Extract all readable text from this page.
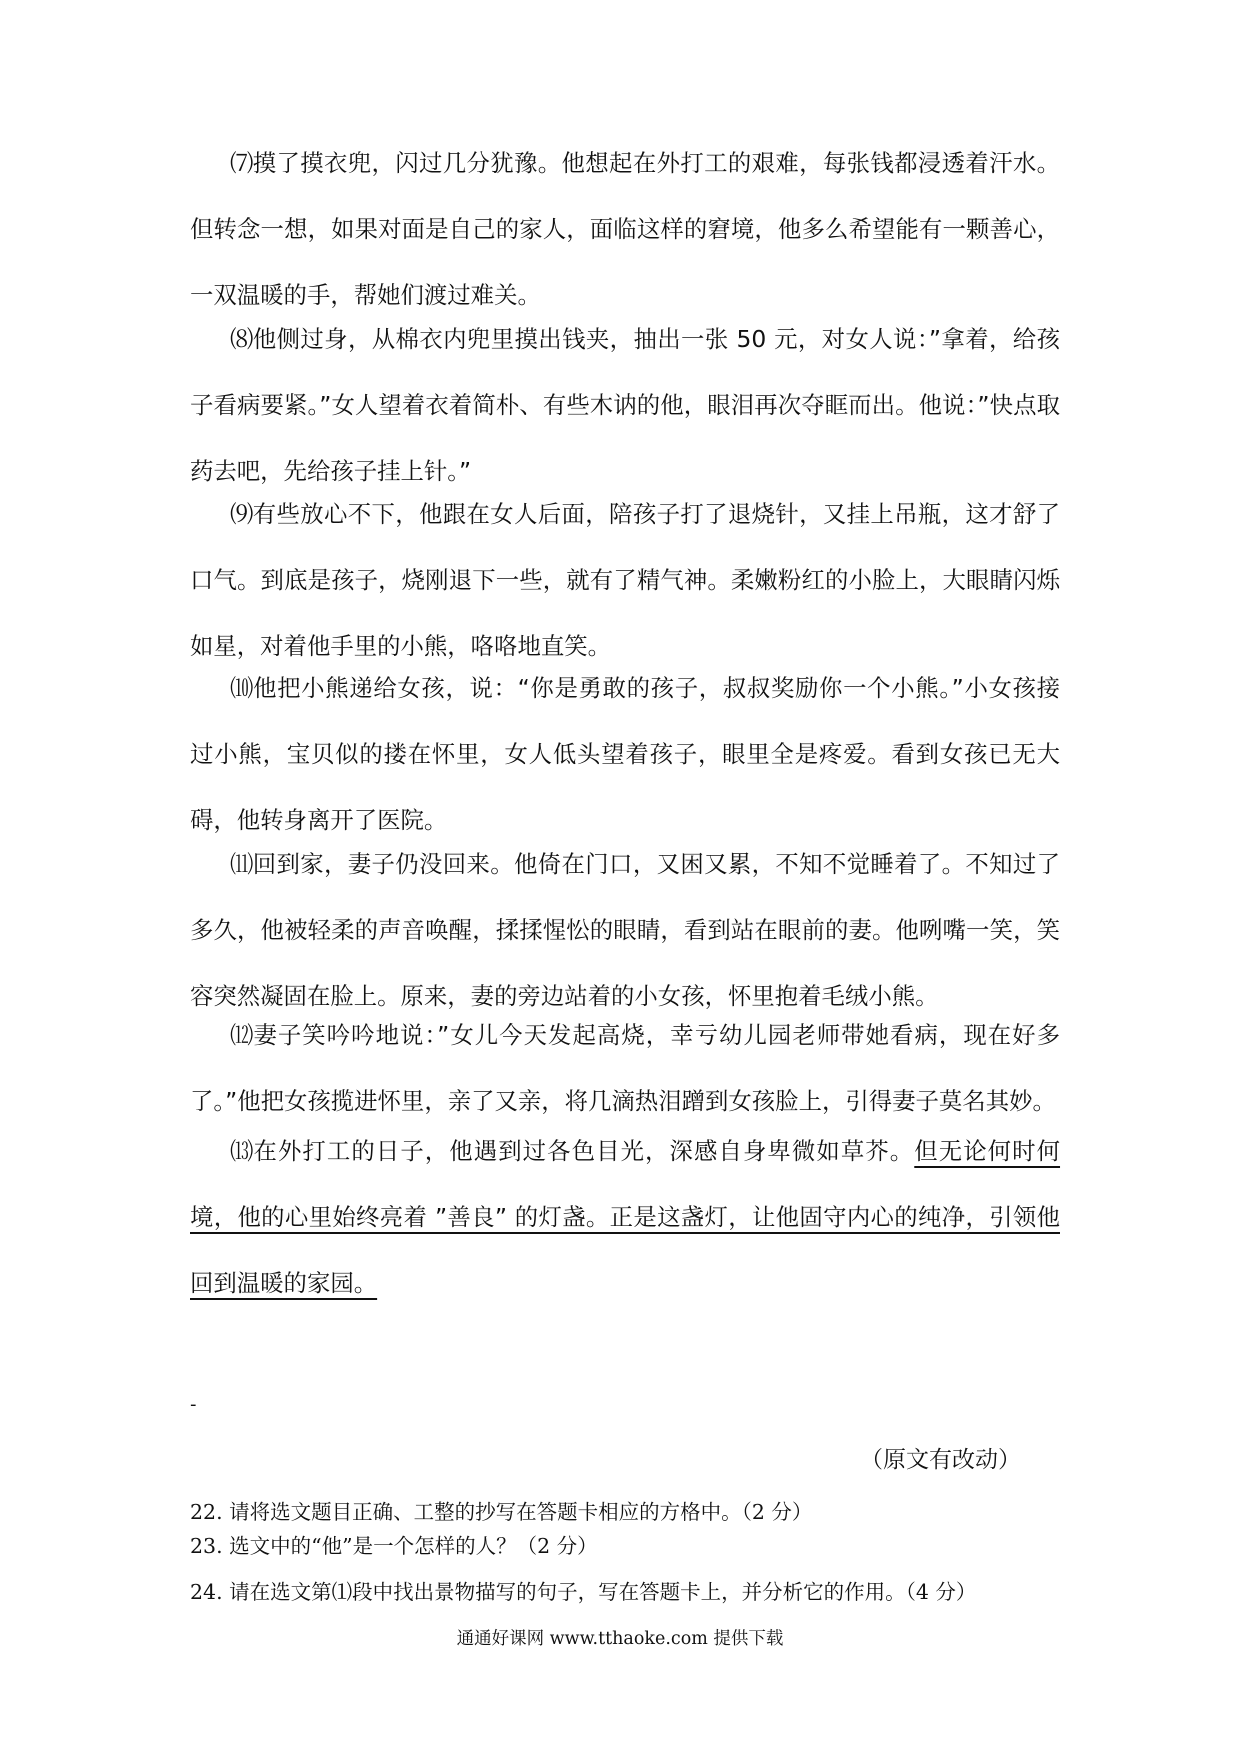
⑺摸了摸衣兜，闪过几分犹豫。他想起在外打工的艰难，每张钱都浸透着汗水。但转念一想，如果对面是自己的家人，面临这样的窘境，他多么希望能有一颗善心，一双温暖的手，帮她们渡过难关。

⑻他侧过身，从棉衣内兜里摸出钱夹，抽出一张 50 元，对女人说：”拿着，给孩子看病要紧。”女人望着衣着简朴、有些木讷的他，眼泪再次夺眶而出。他说：”快点取药去吧，先给孩子挂上针。”

⑼有些放心不下，他跟在女人后面，陪孩子打了退烧针，又挂上吊瓶，这才舒了口气。到底是孩子，烧刚退下一些，就有了精气神。柔嫩粉红的小脸上，大眼睛闪烁如星，对着他手里的小熊，咯咯地直笑。

⑽他把小熊递给女孩，说：“你是勇敢的孩子，叔叔奖励你一个小熊。”小女孩接过小熊，宝贝似的搂在怀里，女人低头望着孩子，眼里全是疼爱。看到女孩已无大碍，他转身离开了医院。

⑾回到家，妻子仍没回来。他倚在门口，又困又累，不知不觉睡着了。不知过了多久，他被轻柔的声音唤醒，揉揉惺忪的眼睛，看到站在眼前的妻。他咧嘴一笑，笑容突然凝固在脸上。原来，妻的旁边站着的小女孩，怀里抱着毛绒小熊。

⑿妻子笑吟吟地说：”女儿今天发起高烧，幸亏幼儿园老师带她看病，现在好多了。”他把女孩揽进怀里，亲了又亲，将几滴热泪蹭到女孩脸上，引得妻子莫名其妙。

⒀在外打工的日子，他遇到过各色目光，深感自身卑微如草芥。但无论何时何境，他的心里始终亮着 ”善良” 的灯盏。正是这盏灯，让他固守内心的纯净，引领他回到温暖的家园。

-
（原文有改动）

22. 请将选文题目正确、工整的抄写在答题卡相应的方格中。（2 分）

23. 选文中的“他”是一个怎样的人？（2 分）

24. 请在选文第⑴段中找出景物描写的句子，写在答题卡上，并分析它的作用。（4 分）

通通好课网 www.tthaoke.com 提供下载
